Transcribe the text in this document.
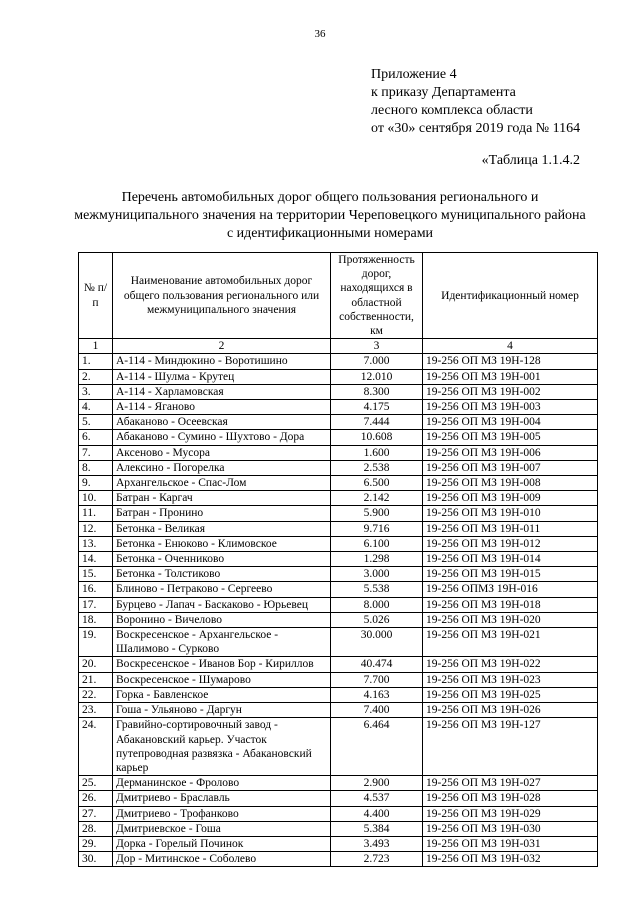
36
Приложение 4
к приказу Департамента
лесного комплекса области
от «30» сентября 2019 года № 1164
«Таблица 1.1.4.2
Перечень автомобильных дорог общего пользования регионального и межмуниципального значения на территории Череповецкого муниципального района с идентификационными номерами
№ п/п	Наименование автомобильных дорог общего пользования регионального или межмуниципального значения	Протяженность дорог, находящихся в областной собственности, км	Идентификационный номер
1	2	3	4
1.	А-114 - Миндюкино - Воротишино	7.000	19-256 ОП МЗ 19Н-128
2.	А-114 - Шулма - Крутец	12.010	19-256 ОП МЗ 19Н-001
3.	А-114 - Харламовская	8.300	19-256 ОП МЗ 19Н-002
4.	А-114 - Яганово	4.175	19-256 ОП МЗ 19Н-003
5.	Абаканово - Осеевская	7.444	19-256 ОП МЗ 19Н-004
6.	Абаканово - Сумино - Шухтово - Дора	10.608	19-256 ОП МЗ 19Н-005
7.	Аксеново - Мусора	1.600	19-256 ОП МЗ 19Н-006
8.	Алексино - Погорелка	2.538	19-256 ОП МЗ 19Н-007
9.	Архангельское - Спас-Лом	6.500	19-256 ОП МЗ 19Н-008
10.	Батран - Каргач	2.142	19-256 ОП МЗ 19Н-009
11.	Батран - Пронино	5.900	19-256 ОП МЗ 19Н-010
12.	Бетонка - Великая	9.716	19-256 ОП МЗ 19Н-011
13.	Бетонка - Енюково - Климовское	6.100	19-256 ОП МЗ 19Н-012
14.	Бетонка - Оченниково	1.298	19-256 ОП МЗ 19Н-014
15.	Бетонка - Толстиково	3.000	19-256 ОП МЗ 19Н-015
16.	Блиново - Петраково - Сергеево	5.538	19-256 ОПМЗ 19Н-016
17.	Бурцево - Лапач - Баскаково - Юрьевец	8.000	19-256 ОП МЗ 19Н-018
18.	Воронино - Вичелово	5.026	19-256 ОП МЗ 19Н-020
19.	Воскресенское - Архангельское - Шалимово - Сурково	30.000	19-256 ОП МЗ 19Н-021
20.	Воскресенское - Иванов Бор - Кириллов	40.474	19-256 ОП МЗ 19Н-022
21.	Воскресенское - Шумарово	7.700	19-256 ОП МЗ 19Н-023
22.	Горка - Бавленское	4.163	19-256 ОП МЗ 19Н-025
23.	Гоша - Ульяново - Даргун	7.400	19-256 ОП МЗ 19Н-026
24.	Гравийно-сортировочный завод - Абакановский карьер. Участок путепроводная развязка - Абакановский карьер	6.464	19-256 ОП МЗ 19Н-127
25.	Дерманинское - Фролово	2.900	19-256 ОП МЗ 19Н-027
26.	Дмитриево - Браславль	4.537	19-256 ОП МЗ 19Н-028
27.	Дмитриево - Трофанково	4.400	19-256 ОП МЗ 19Н-029
28.	Дмитриевское - Гоша	5.384	19-256 ОП МЗ 19Н-030
29.	Дорка - Горелый Починок	3.493	19-256 ОП МЗ 19Н-031
30.	Дор - Митинское - Соболево	2.723	19-256 ОП МЗ 19Н-032
